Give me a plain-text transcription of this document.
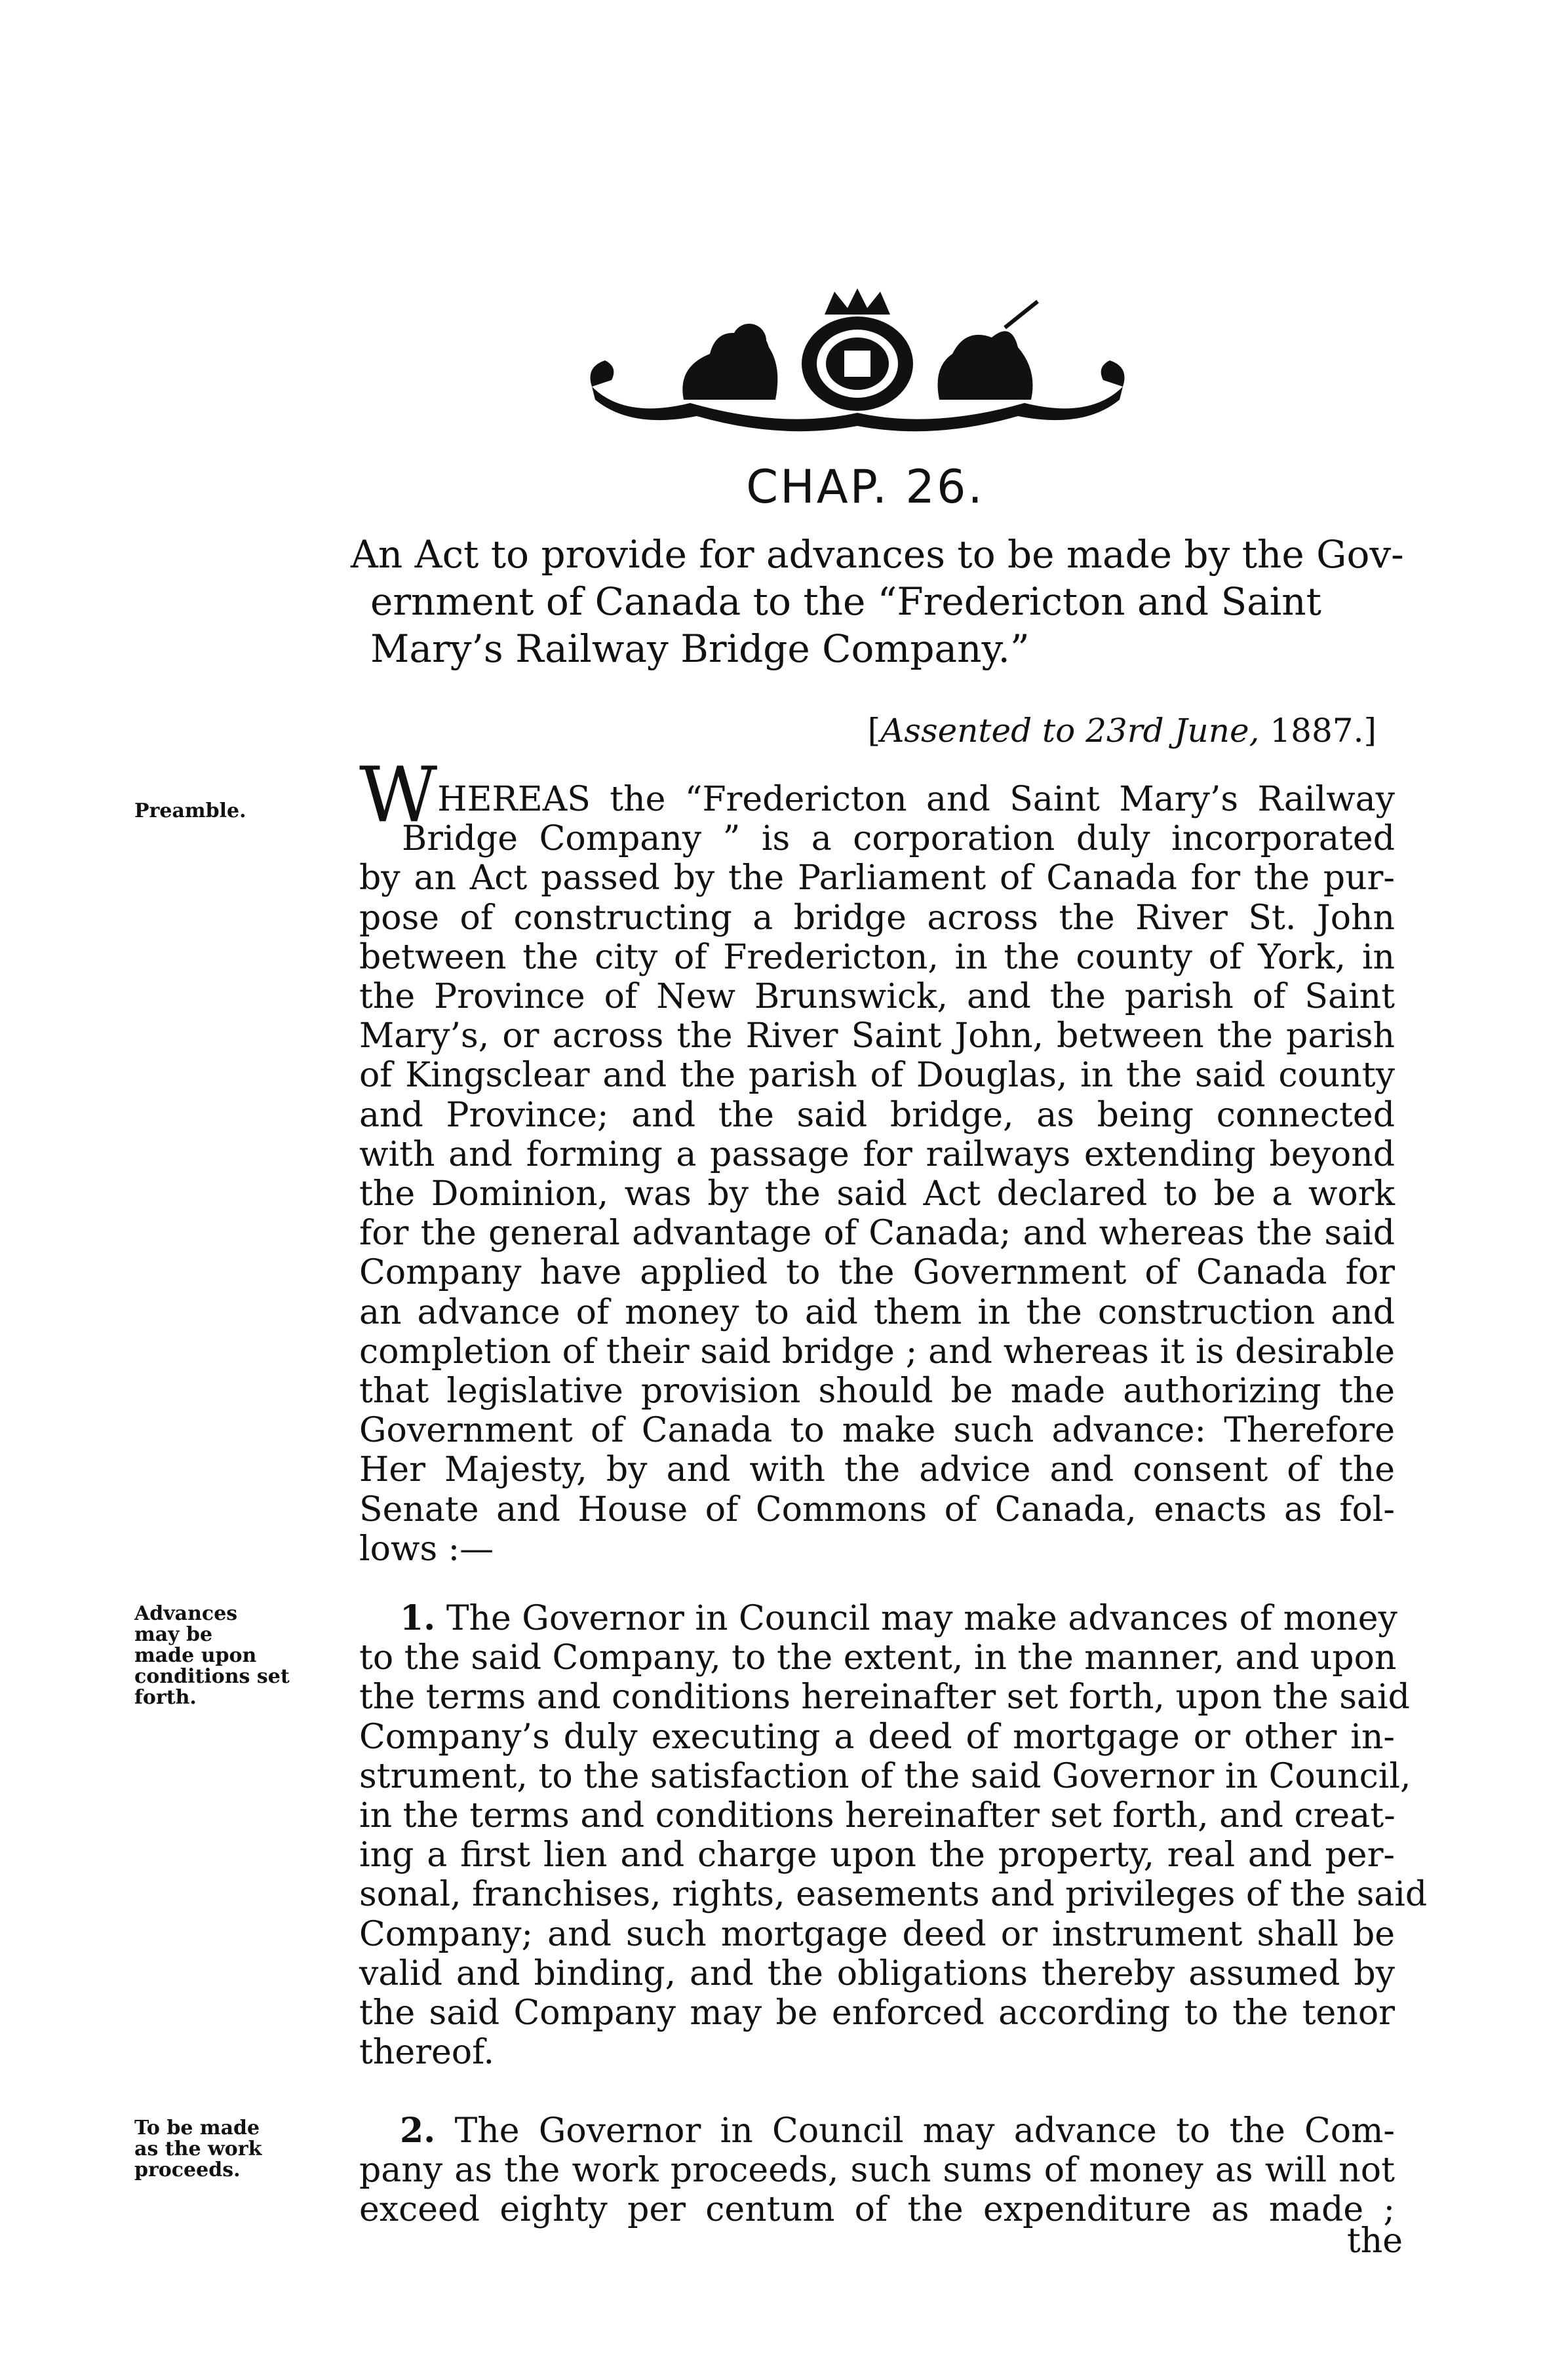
CHAP. 26.
An Act to provide for advances to be made by the Gov-
ernment of Canada to the “Fredericton and Saint
Mary’s Railway Bridge Company.”
[Assented to 23rd June, 1887.]
Preamble.	WHEREAS the “Fredericton and Saint Mary’s Railway
Bridge Company ” is a corporation duly incorporated
by an Act passed by the Parliament of Canada for the pur-
pose of constructing a bridge across the River St. John
between the city of Fredericton, in the county of York, in
the Province of New Brunswick, and the parish of Saint
Mary’s, or across the River Saint John, between the parish
of Kingsclear and the parish of Douglas, in the said county
and Province; and the said bridge, as being connected
with and forming a passage for railways extending beyond
the Dominion, was by the said Act declared to be a work
for the general advantage of Canada; and whereas the said
Company have applied to the Government of Canada for
an advance of money to aid them in the construction and
completion of their said bridge ; and whereas it is desirable
that legislative provision should be made authorizing the
Government of Canada to make such advance: Therefore
Her Majesty, by and with the advice and consent of the
Senate and House of Commons of Canada, enacts as fol-
lows :—
Advances
may be
made upon
conditions set
forth.
1. The Governor in Council may make advances of money
to the said Company, to the extent, in the manner, and upon
the terms and conditions hereinafter set forth, upon the said
Company’s duly executing a deed of mortgage or other in-
strument, to the satisfaction of the said Governor in Council,
in the terms and conditions hereinafter set forth, and creat-
ing a first lien and charge upon the property, real and per-
sonal, franchises, rights, easements and privileges of the said
Company; and such mortgage deed or instrument shall be
valid and binding, and the obligations thereby assumed by
the said Company may be enforced according to the tenor
thereof.
To be made
as the work
proceeds.
2. The Governor in Council may advance to the Com-
pany as the work proceeds, such sums of money as will not
exceed eighty per centum of the expenditure as made ;
the
